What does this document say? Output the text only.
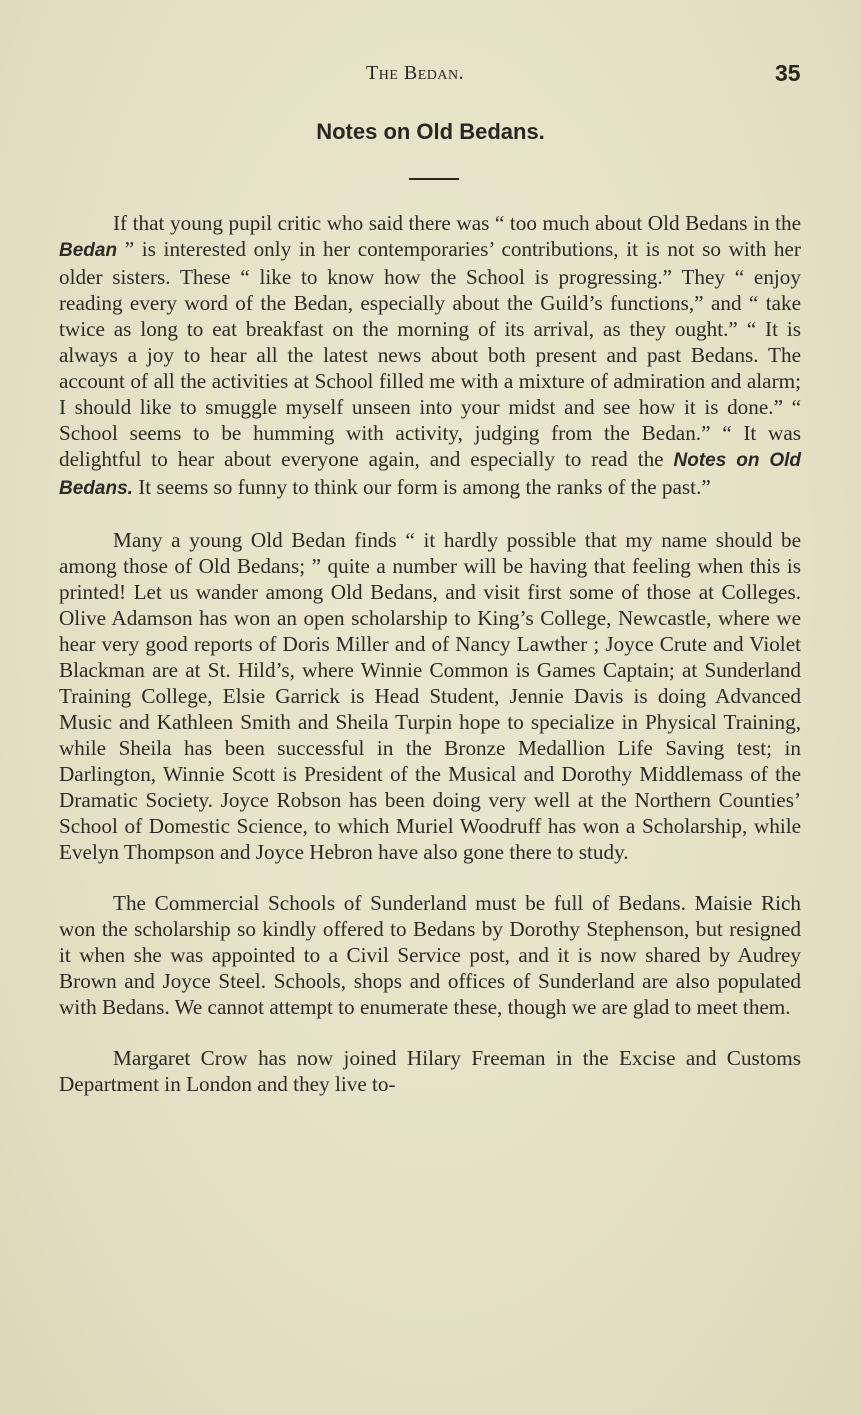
The Bedan.	35
Notes on Old Bedans.

If that young pupil critic who said there was “ too much about Old Bedans in the Bedan ” is interested only in her contemporaries’ contributions, it is not so with her older sisters. These “ like to know how the School is progressing.” They “ enjoy reading every word of the Bedan, especially about the Guild’s functions,” and “ take twice as long to eat breakfast on the morning of its arrival, as they ought.” “ It is always a joy to hear all the latest news about both present and past Bedans. The account of all the activities at School filled me with a mixture of admiration and alarm; I should like to smuggle myself unseen into your midst and see how it is done.” “ School seems to be humming with activity, judging from the Bedan.” “ It was delightful to hear about everyone again, and especially to read the Notes on Old Bedans. It seems so funny to think our form is among the ranks of the past.”

Many a young Old Bedan finds “ it hardly possible that my name should be among those of Old Bedans; ” quite a number will be having that feeling when this is printed! Let us wander among Old Bedans, and visit first some of those at Colleges. Olive Adamson has won an open scholarship to King’s College, Newcastle, where we hear very good reports of Doris Miller and of Nancy Lawther ; Joyce Crute and Violet Blackman are at St. Hild’s, where Winnie Common is Games Captain; at Sunderland Training College, Elsie Garrick is Head Student, Jennie Davis is doing Advanced Music and Kathleen Smith and Sheila Turpin hope to specialize in Physical Training, while Sheila has been successful in the Bronze Medallion Life Saving test; in Darlington, Winnie Scott is President of the Musical and Dorothy Middlemass of the Dramatic Society. Joyce Robson has been doing very well at the Northern Counties’ School of Domestic Science, to which Muriel Woodruff has won a Scholarship, while Evelyn Thompson and Joyce Hebron have also gone there to study.

The Commercial Schools of Sunderland must be full of Bedans. Maisie Rich won the scholarship so kindly offered to Bedans by Dorothy Stephenson, but resigned it when she was appointed to a Civil Service post, and it is now shared by Audrey Brown and Joyce Steel. Schools, shops and offices of Sunderland are also populated with Bedans. We cannot attempt to enumerate these, though we are glad to meet them.

Margaret Crow has now joined Hilary Freeman in the Excise and Customs Department in London and they live to-
